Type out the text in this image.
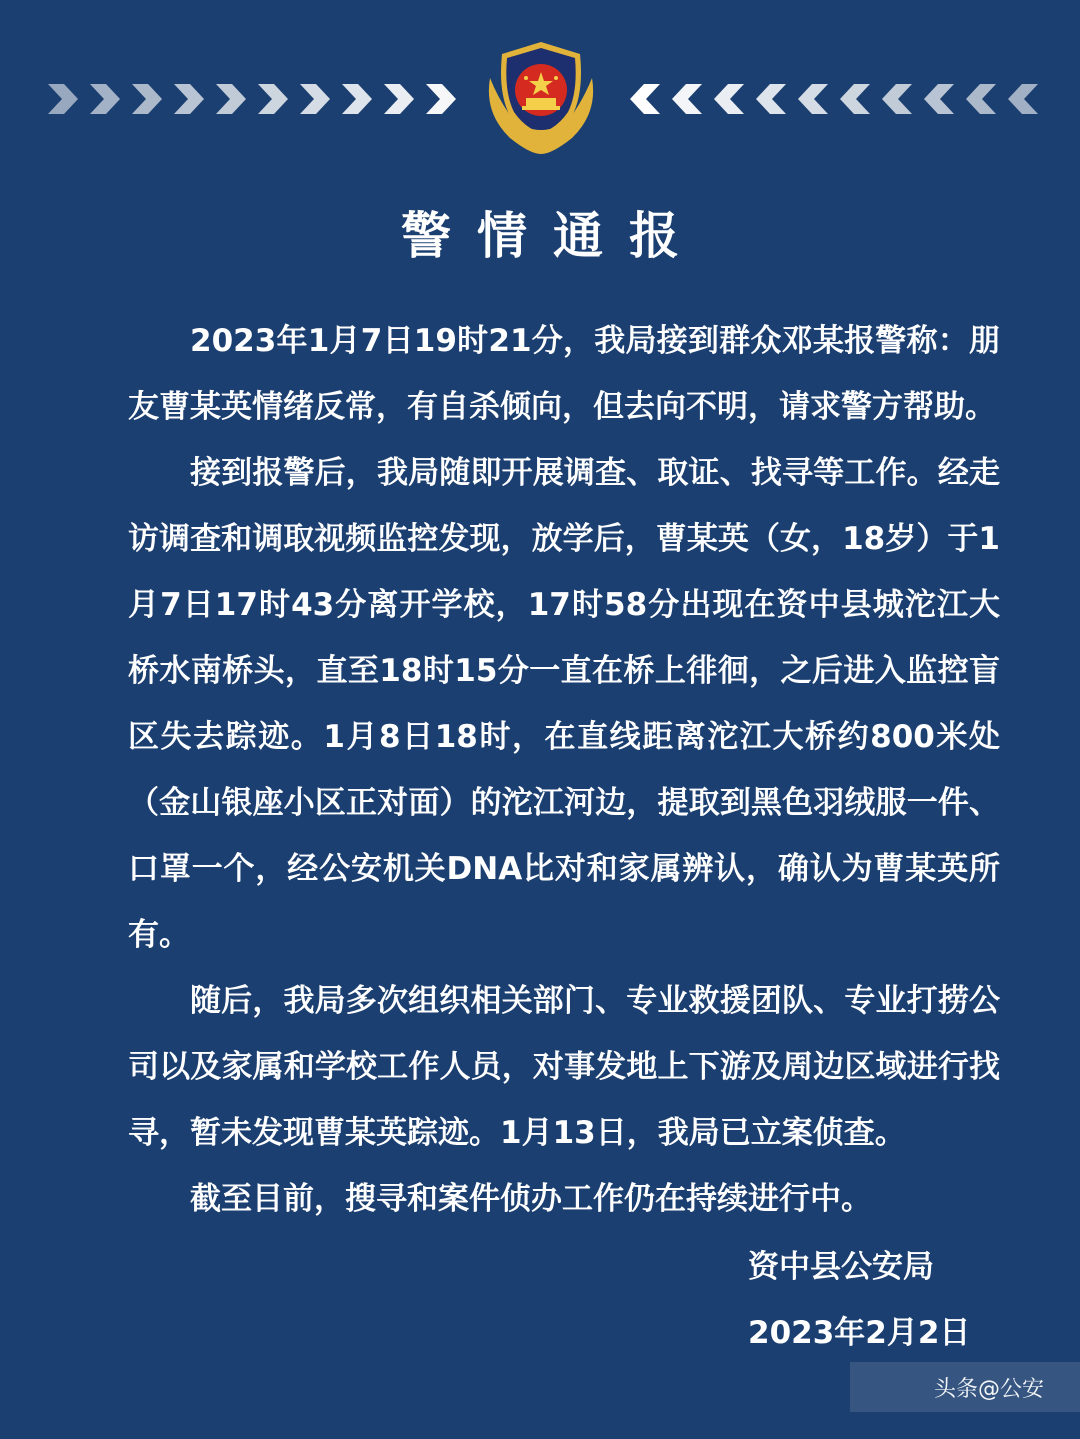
警情通报

2023年1月7日19时21分，我局接到群众邓某报警称：朋友曹某英情绪反常，有自杀倾向，但去向不明，请求警方帮助。

接到报警后，我局随即开展调查、取证、找寻等工作。经走访调查和调取视频监控发现，放学后，曹某英（女，18岁）于1月7日17时43分离开学校，17时58分出现在资中县城沱江大桥水南桥头，直至18时15分一直在桥上徘徊，之后进入监控盲区失去踪迹。1月8日18时，在直线距离沱江大桥约800米处（金山银座小区正对面）的沱江河边，提取到黑色羽绒服一件、口罩一个，经公安机关DNA比对和家属辨认，确认为曹某英所有。

随后，我局多次组织相关部门、专业救援团队、专业打捞公司以及家属和学校工作人员，对事发地上下游及周边区域进行找寻，暂未发现曹某英踪迹。1月13日，我局已立案侦查。

截至目前，搜寻和案件侦办工作仍在持续进行中。

资中县公安局
2023年2月2日
头条@公安
